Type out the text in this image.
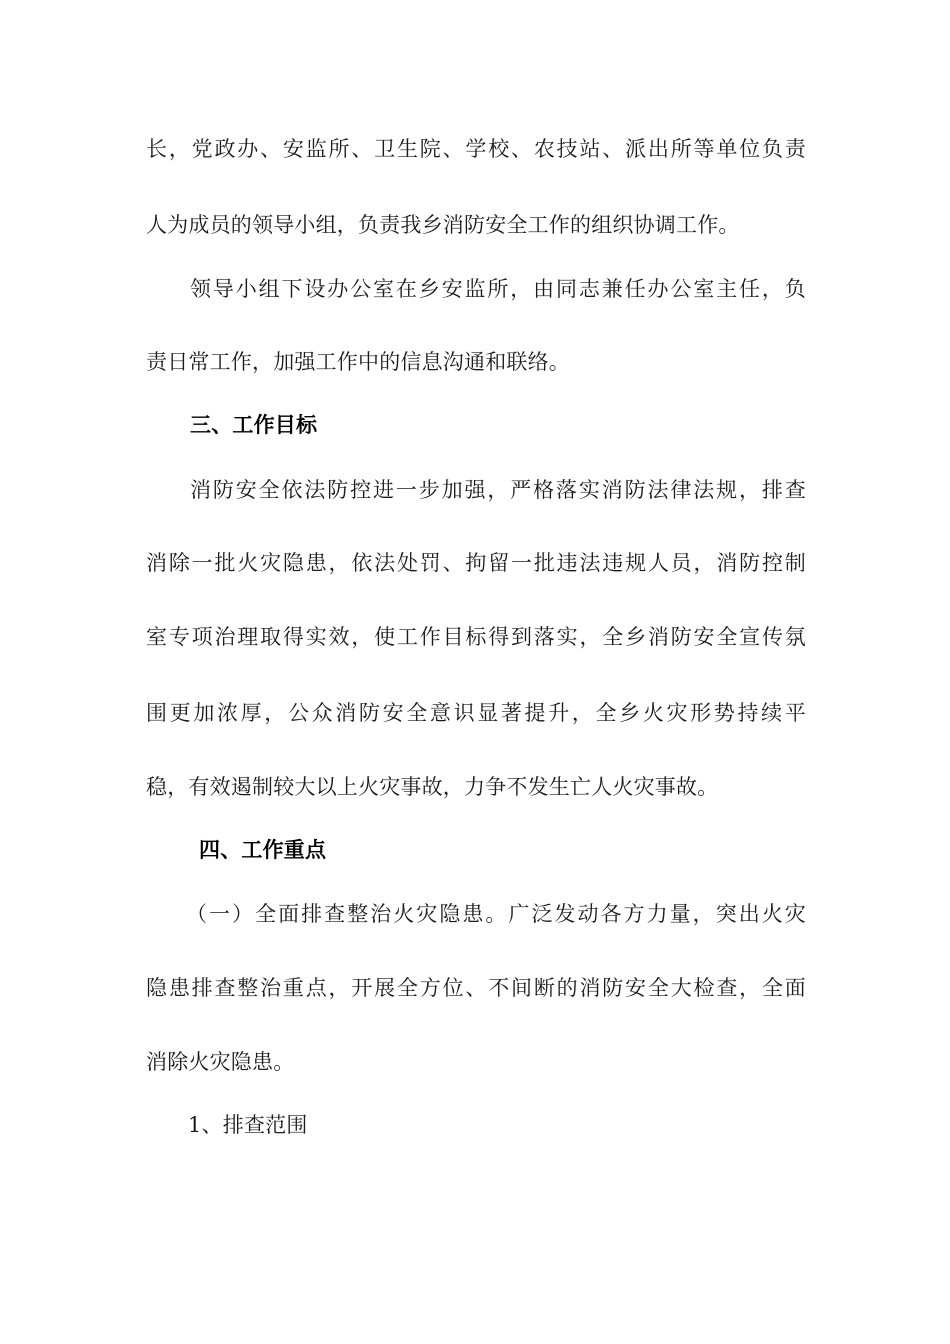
长，党政办、安监所、卫生院、学校、农技站、派出所等单位负责

人为成员的领导小组，负责我乡消防安全工作的组织协调工作。

领导小组下设办公室在乡安监所，由同志兼任办公室主任，负

责日常工作，加强工作中的信息沟通和联络。

三、工作目标

消防安全依法防控进一步加强，严格落实消防法律法规，排查

消除一批火灾隐患，依法处罚、拘留一批违法违规人员，消防控制

室专项治理取得实效，使工作目标得到落实，全乡消防安全宣传氛

围更加浓厚，公众消防安全意识显著提升，全乡火灾形势持续平

稳，有效遏制较大以上火灾事故，力争不发生亡人火灾事故。

四、工作重点

（一）全面排查整治火灾隐患。广泛发动各方力量，突出火灾

隐患排查整治重点，开展全方位、不间断的消防安全大检查，全面

消除火灾隐患。

1、排查范围
